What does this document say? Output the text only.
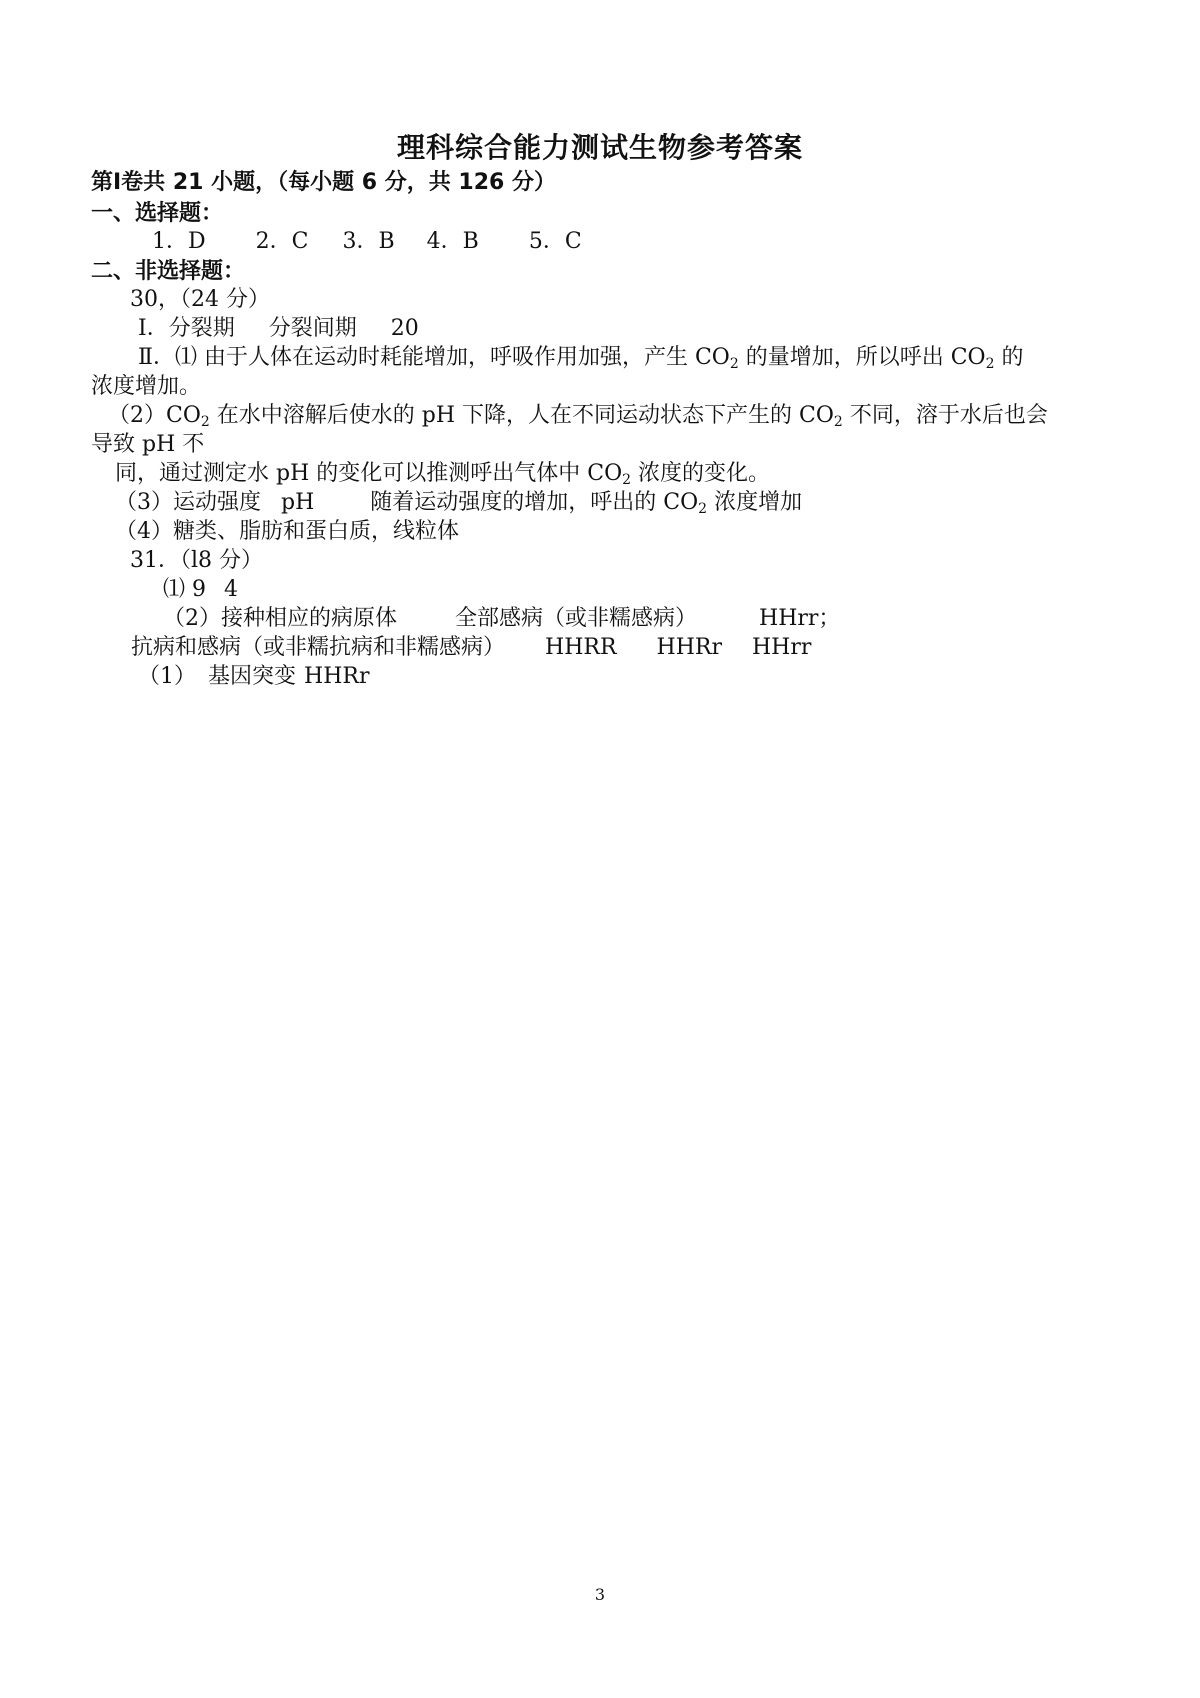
理科综合能力测试生物参考答案
第Ⅰ卷共 21 小题，（每小题 6 分，共 126 分）
一、选择题：
1．D 2．C 3．B 4．B 5．C
二、非选择题：
30，（24 分）
Ⅰ．分裂期 分裂间期 20
Ⅱ．⑴ 由于人体在运动时耗能增加，呼吸作用加强，产生 $CO_2$ 的量增加，所以呼出 $CO_2$ 的
浓度增加。
$(2)CO_2$ 在水中溶解后使水的 pH 下降，人在不同运动状态下产生的 $CO_2$ 不同，溶于水后也会
导致 pH 不
同，通过测定水 pH 的变化可以推测呼出气体中 $CO_2$ 浓度的变化。
（3）运动强度 pH	随着运动强度的增加，呼出的 $CO_2$ 浓度增加
（4）糖类、脂肪和蛋白质，线粒体
31．（l8 分）
⑴ 9 4
（2）接种相应的病原体	全部感病（或非糯感病）	HHrr；
抗病和感病（或非糯抗病和非糯感病） HHRR HHRr HHrr
（1） 基因突变 HHRr
3
